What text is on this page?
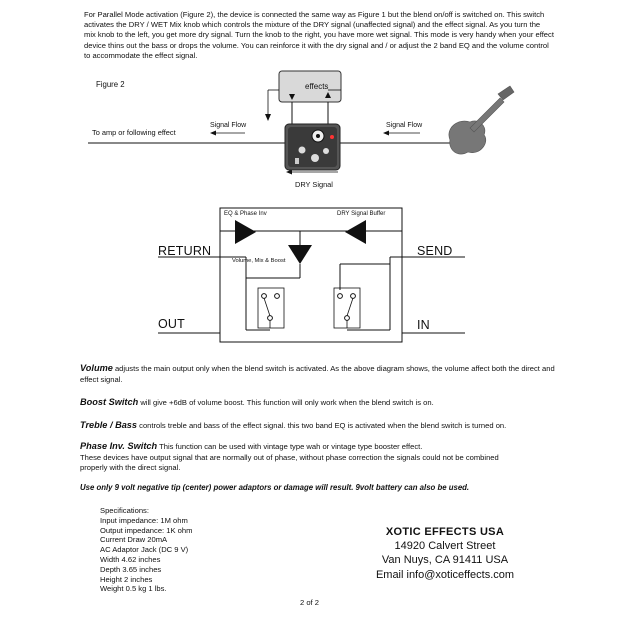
For Parallel Mode activation (Figure 2), the device is connected the same way as Figure 1 but the blend on/off is switched on. This switch activates the DRY / WET Mix knob which controls the mixture of the DRY signal (unaffected signal) and the effect signal. As you turn the mix knob to the left, you get more dry signal. Turn the knob to the right, you have more wet signal. This mode is very handy when your effect device thins out the bass or drops the volume. You can reinforce it with the dry signal and / or adjust the 2 band EQ and the volume control to accommodate the effect signal.
Figure 2	effects
To amp or following effect
Signal Flow	Signal Flow
DRY Signal
EQ & Phase Inv	DRY Signal Buffer
Volume, Mix & Boost
RETURN	SEND
OUT	IN
Volume adjusts the main output only when the blend switch is activated. As the above diagram shows, the volume affect both the direct and effect signal.
Boost Switch will give +6dB of volume boost. This function will only work when the blend switch is on.
Treble / Bass controls treble and bass of the effect signal. this two band EQ is activated when the blend switch is turned on.
Phase Inv. Switch This function can be used with vintage type wah or vintage type booster effect.
These devices have output signal that are normally out of phase, without phase correction the signals could not be combined properly with the direct signal.
Use only 9 volt negative tip (center) power adaptors or damage will result. 9volt battery can also be used.
Specifications:
Input impedance: 1M ohm
Output impedance: 1K ohm
Current Draw 20mA
AC Adaptor Jack (DC 9 V)
Width 4.62 inches
Depth 3.65 inches
Height 2 inches
Weight 0.5 kg 1 lbs.
XOTIC EFFECTS USA
14920 Calvert Street
Van Nuys, CA 91411 USA
Email info@xoticeffects.com
2 of 2
